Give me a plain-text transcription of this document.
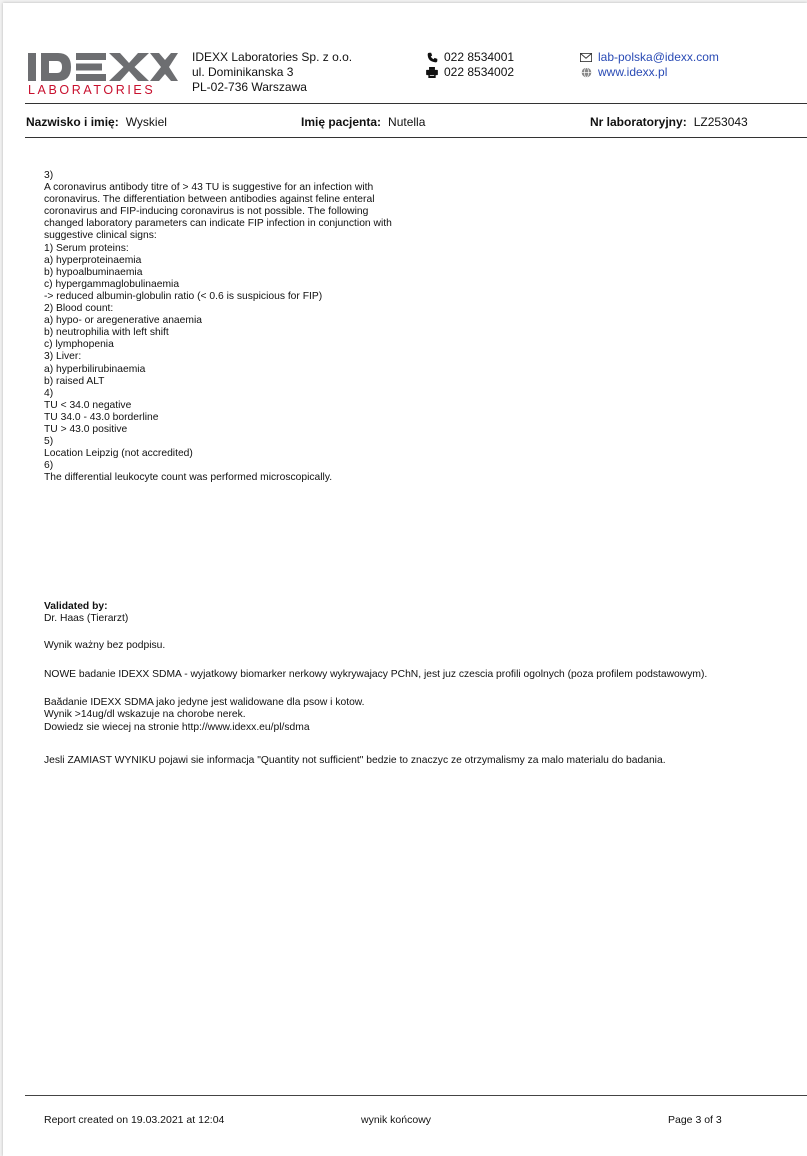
LABORATORIES
IDEXX Laboratories Sp. z o.o.
ul. Dominikanska 3
PL-02-736 Warszawa
022 8534001
022 8534002
lab-polska@idexx.com
www.idexx.pl
Nazwisko i imię: Wyskiel	Imię pacjenta: Nutella	Nr laboratoryjny: LZ253043
3)
A coronavirus antibody titre of > 43 TU is suggestive for an infection with
coronavirus. The differentiation between antibodies against feline enteral
coronavirus and FIP-inducing coronavirus is not possible. The following
changed laboratory parameters can indicate FIP infection in conjunction with
suggestive clinical signs:
1) Serum proteins:
a) hyperproteinaemia
b) hypoalbuminaemia
c) hypergammaglobulinaemia
-> reduced albumin-globulin ratio (< 0.6 is suspicious for FIP)
2) Blood count:
a) hypo- or aregenerative anaemia
b) neutrophilia with left shift
c) lymphopenia
3) Liver:
a) hyperbilirubinaemia
b) raised ALT
4)
TU < 34.0 negative
TU 34.0 - 43.0 borderline
TU > 43.0 positive
5)
Location Leipzig (not accredited)
6)
The differential leukocyte count was performed microscopically.
Validated by:
Dr. Haas (Tierarzt)
Wynik ważny bez podpisu.
NOWE badanie IDEXX SDMA - wyjatkowy biomarker nerkowy wykrywajacy PChN, jest juz czescia profili ogolnych (poza profilem podstawowym).
Baădanie IDEXX SDMA jako jedyne jest walidowane dla psow i kotow.
Wynik >14ug/dl wskazuje na chorobe nerek.
Dowiedz sie wiecej na stronie http://www.idexx.eu/pl/sdma
Jesli ZAMIAST WYNIKU pojawi sie informacja "Quantity not sufficient" bedzie to znaczyc ze otrzymalismy za malo materialu do badania.
Report created on 19.03.2021 at 12:04	wynik końcowy	Page 3 of 3
